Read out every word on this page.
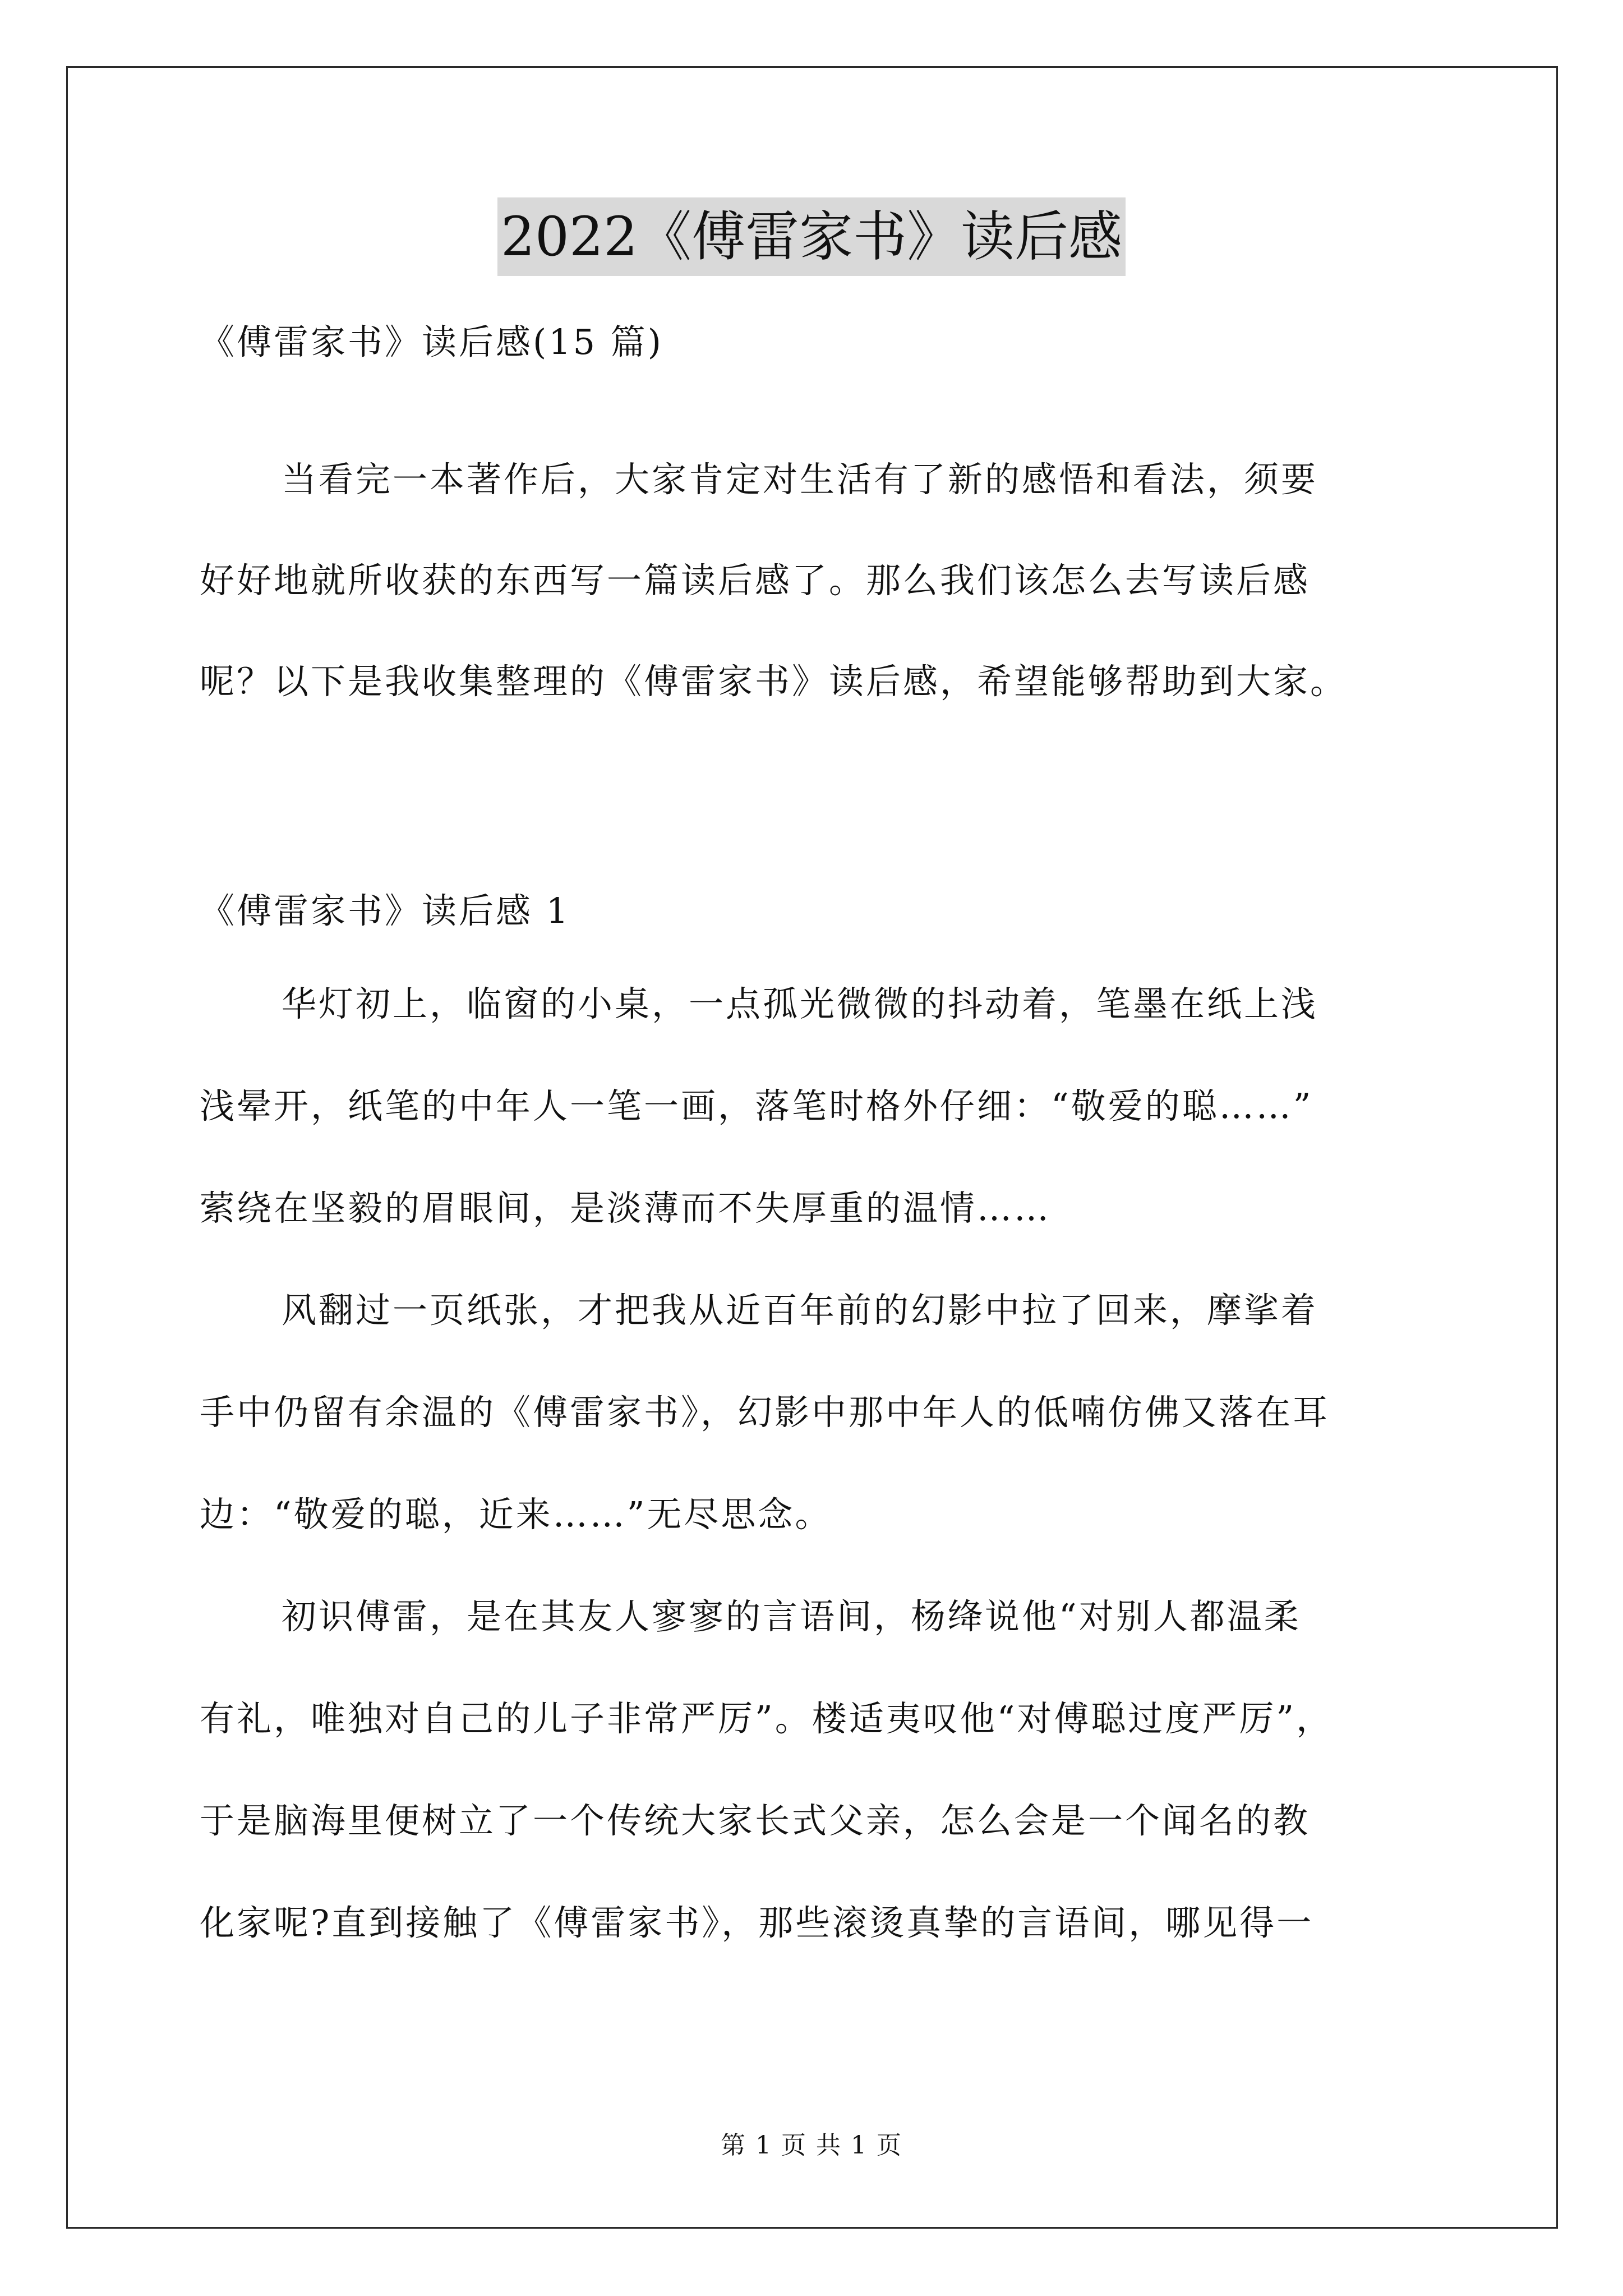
2022《傅雷家书》读后感
《傅雷家书》读后感(15 篇)
当看完一本著作后，大家肯定对生活有了新的感悟和看法，须要
好好地就所收获的东西写一篇读后感了。那么我们该怎么去写读后感
呢？以下是我收集整理的《傅雷家书》读后感，希望能够帮助到大家。
《傅雷家书》读后感 1
华灯初上，临窗的小桌，一点孤光微微的抖动着，笔墨在纸上浅
浅晕开，纸笔的中年人一笔一画，落笔时格外仔细：“敬爱的聪……”
萦绕在坚毅的眉眼间，是淡薄而不失厚重的温情……
风翻过一页纸张，才把我从近百年前的幻影中拉了回来，摩挲着
手中仍留有余温的《傅雷家书》，幻影中那中年人的低喃仿佛又落在耳
边：“敬爱的聪，近来……”无尽思念。
初识傅雷，是在其友人寥寥的言语间，杨绛说他“对别人都温柔
有礼，唯独对自己的儿子非常严厉”。楼适夷叹他“对傅聪过度严厉”，
于是脑海里便树立了一个传统大家长式父亲，怎么会是一个闻名的教
化家呢?直到接触了《傅雷家书》，那些滚烫真挚的言语间，哪见得一
第 1 页 共 1 页
